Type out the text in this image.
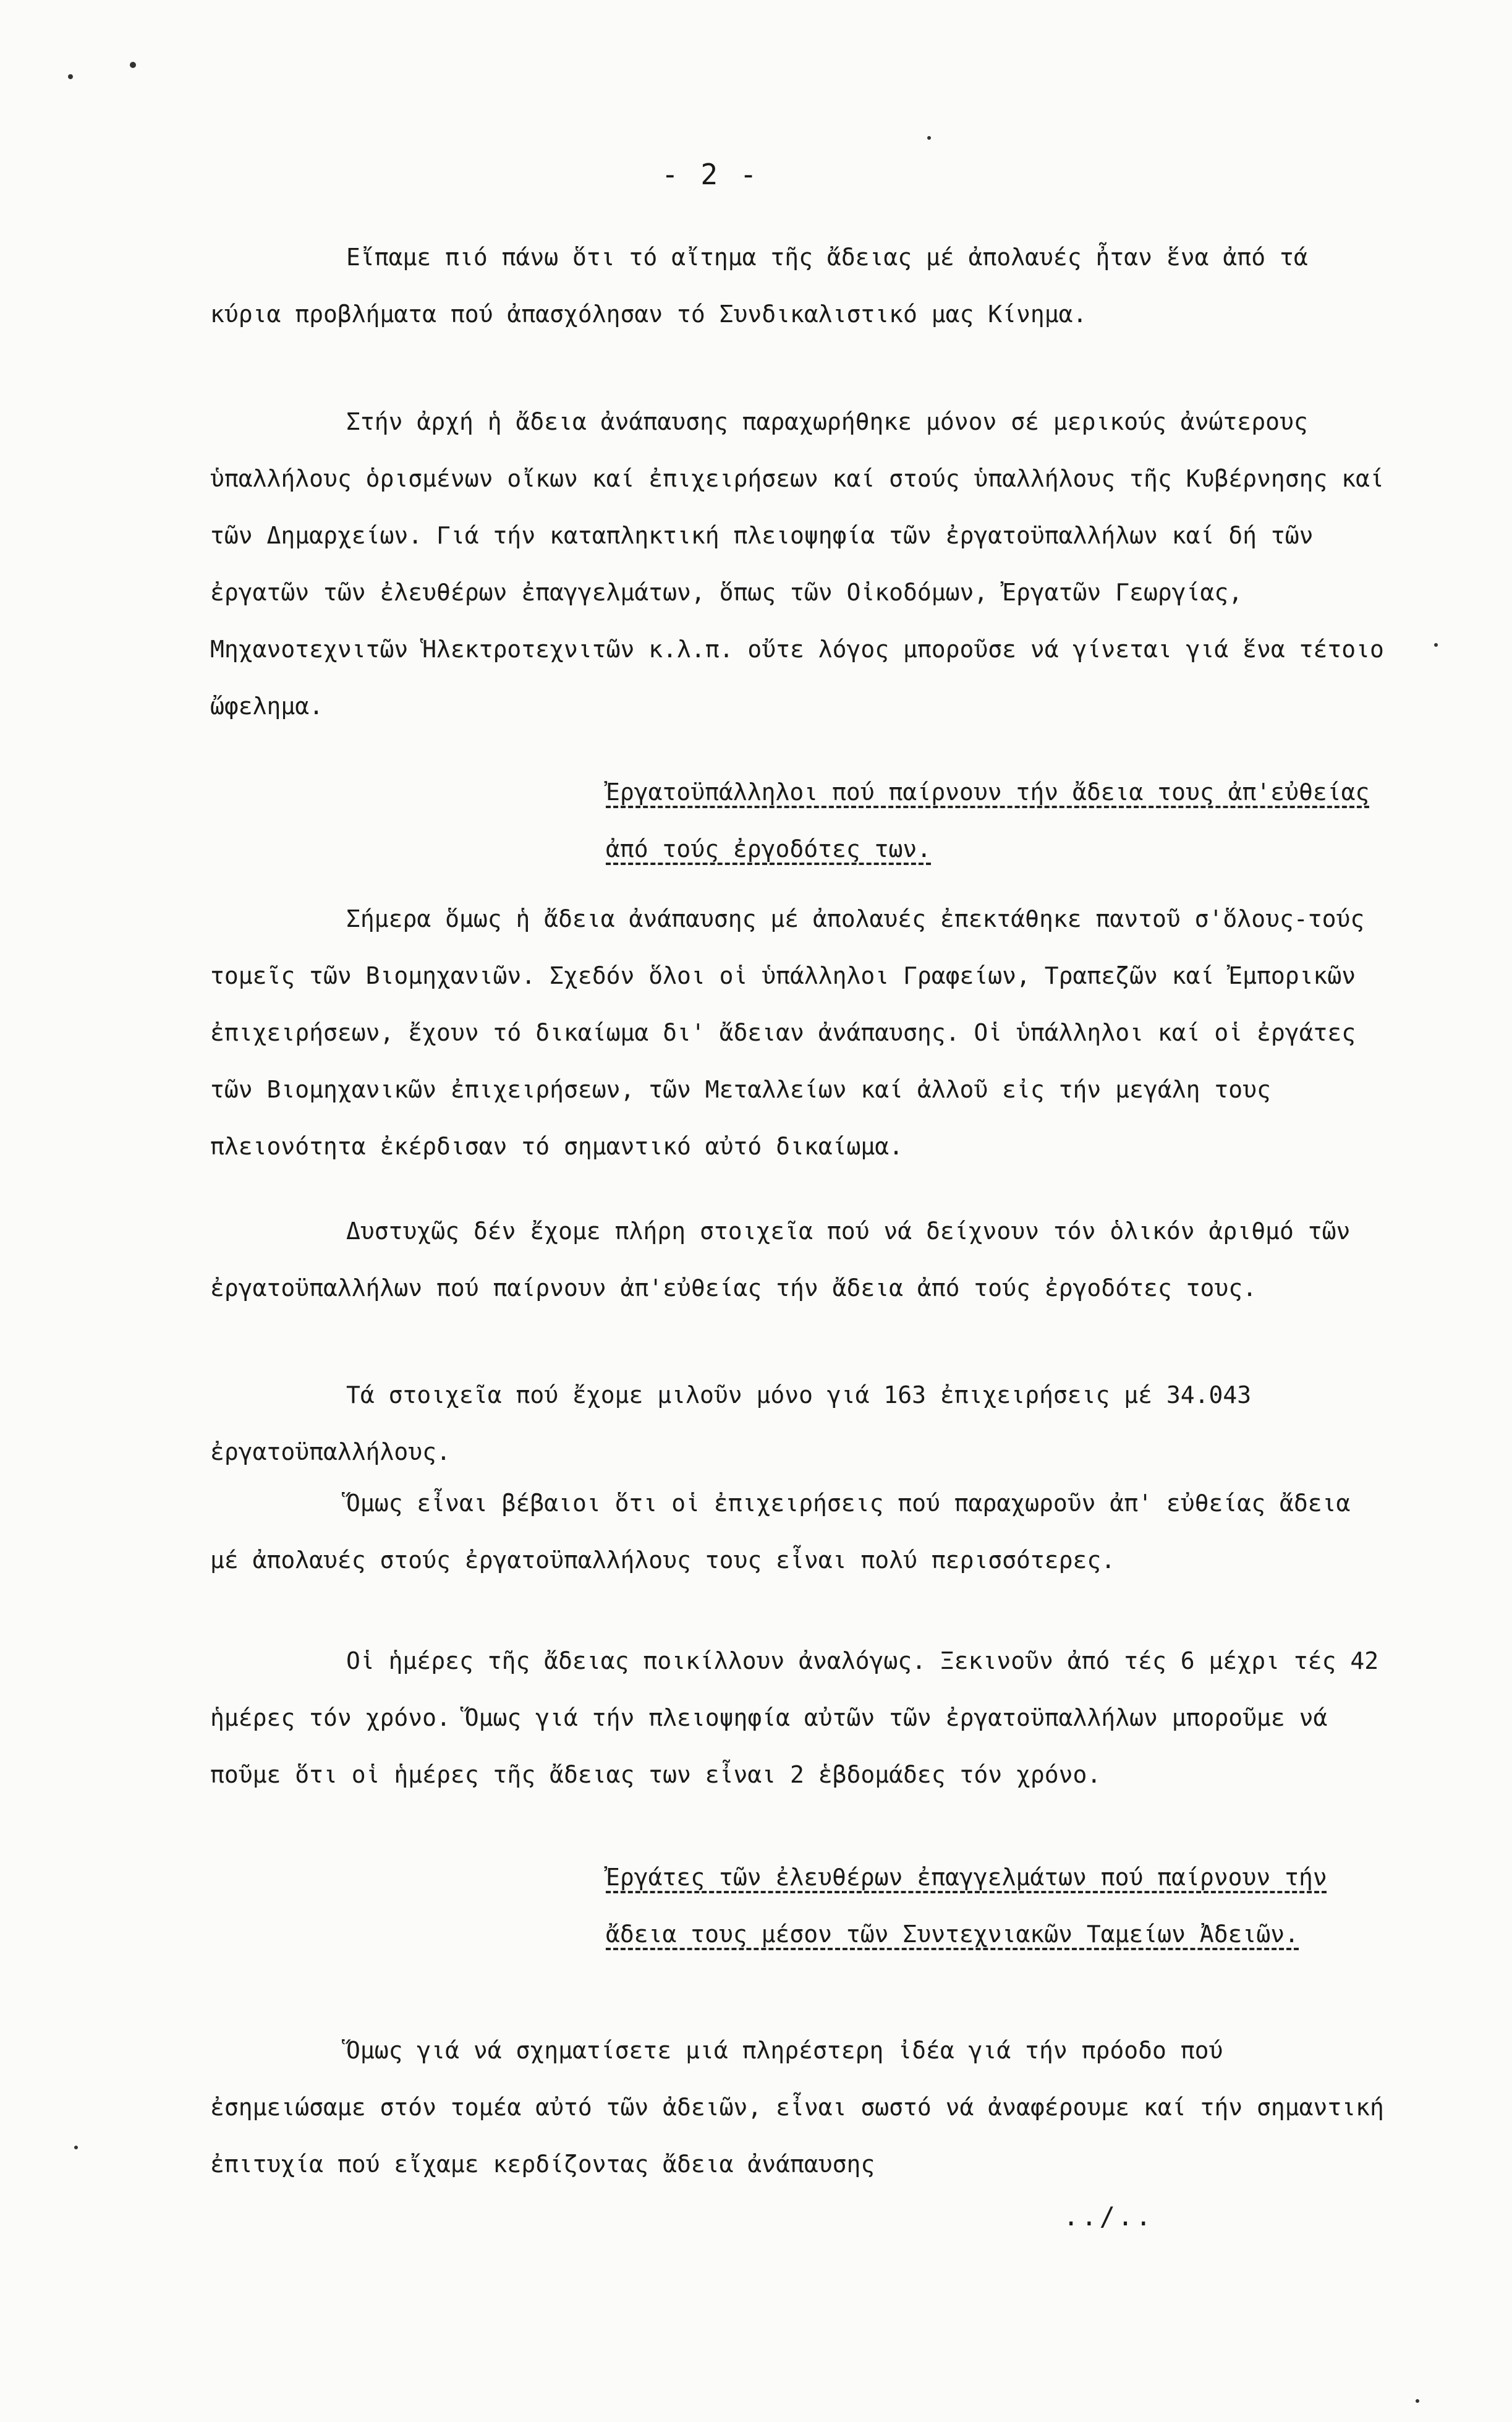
- 2 -

Εἴπαμε πιό πάνω ὅτι τό αἴτημα τῆς ἄδειας μέ ἀπολαυές ἦταν ἕνα ἀπό τά κύρια προβλήματα πού ἀπασχόλησαν τό Συνδικαλιστικό μας Κίνημα.

Στήν ἀρχή ἡ ἄδεια ἀνάπαυσης παραχωρήθηκε μόνον σέ μερικούς ἀνώτερους ὑπαλλήλους ὁρισμένων οἴκων καί ἐπιχειρήσεων καί στούς ὑπαλλήλους τῆς Κυβέρνησης καί τῶν Δημαρχείων. Γιά τήν καταπληκτική πλειοψηφία τῶν ἐργατοϋπαλλήλων καί δή τῶν ἐργατῶν τῶν ἐλευθέρων ἐπαγγελμάτων, ὅπως τῶν Οἰκοδόμων, Ἐργατῶν Γεωργίας, Μηχανοτεχνιτῶν Ἡλεκτροτεχνιτῶν κ.λ.π. οὔτε λόγος μποροῦσε νά γίνεται γιά ἕνα τέτοιο ὤφελημα.

Ἐργατοϋπάλληλοι πού παίρνουν τήν ἄδεια τους ἀπ'εὐθείας ἀπό τούς ἐργοδότες των.

Σήμερα ὅμως ἡ ἄδεια ἀνάπαυσης μέ ἀπολαυές ἐπεκτάθηκε παντοῦ σ'ὅλους-τούς τομεῖς τῶν Βιομηχανιῶν. Σχεδόν ὅλοι οἱ ὑπάλληλοι Γραφείων, Τραπεζῶν καί Ἐμπορικῶν ἐπιχειρήσεων, ἔχουν τό δικαίωμα δι' ἄδειαν ἀνάπαυσης. Οἱ ὑπάλληλοι καί οἱ ἐργάτες τῶν Βιομηχανικῶν ἐπιχειρήσεων, τῶν Μεταλλείων καί ἀλλοῦ εἰς τήν μεγάλη τους πλειονότητα ἐκέρδισαν τό σημαντικό αὐτό δικαίωμα.

Δυστυχῶς δέν ἔχομε πλήρη στοιχεῖα πού νά δείχνουν τόν ὁλικόν ἀριθμό τῶν ἐργατοϋπαλλήλων πού παίρνουν ἀπ'εὐθείας τήν ἄδεια ἀπό τούς ἐργοδότες τους.

Τά στοιχεῖα πού ἔχομε μιλοῦν μόνο γιά 163 ἐπιχειρήσεις μέ 34.043 ἐργατοϋπαλλήλους.

Ὅμως εἶναι βέβαιοι ὅτι οἱ ἐπιχειρήσεις πού παραχωροῦν ἀπ' εὐθείας ἄδεια μέ ἀπολαυές στούς ἐργατοϋπαλλήλους τους εἶναι πολύ περισσότερες.

Οἱ ἡμέρες τῆς ἄδειας ποικίλλουν ἀναλόγως. Ξεκινοῦν ἀπό τές 6 μέχρι τές 42 ἡμέρες τόν χρόνο. Ὅμως γιά τήν πλειοψηφία αὐτῶν τῶν ἐργατοϋπαλλήλων μποροῦμε νά ποῦμε ὅτι οἱ ἡμέρες τῆς ἄδειας των εἶναι 2 ἑβδομάδες τόν χρόνο.

Ἐργάτες τῶν ἐλευθέρων ἐπαγγελμάτων πού παίρνουν τήν ἄδεια τους μέσον τῶν Συντεχνιακῶν Ταμείων Ἀδειῶν.

Ὅμως γιά νά σχηματίσετε μιά πληρέστερη ἰδέα γιά τήν πρόοδο πού ἐσημειώσαμε στόν τομέα αὐτό τῶν ἀδειῶν, εἶναι σωστό νά ἀναφέρουμε καί τήν σημαντική ἐπιτυχία πού εἴχαμε κερδίζοντας ἄδεια ἀνάπαυσης

../..
